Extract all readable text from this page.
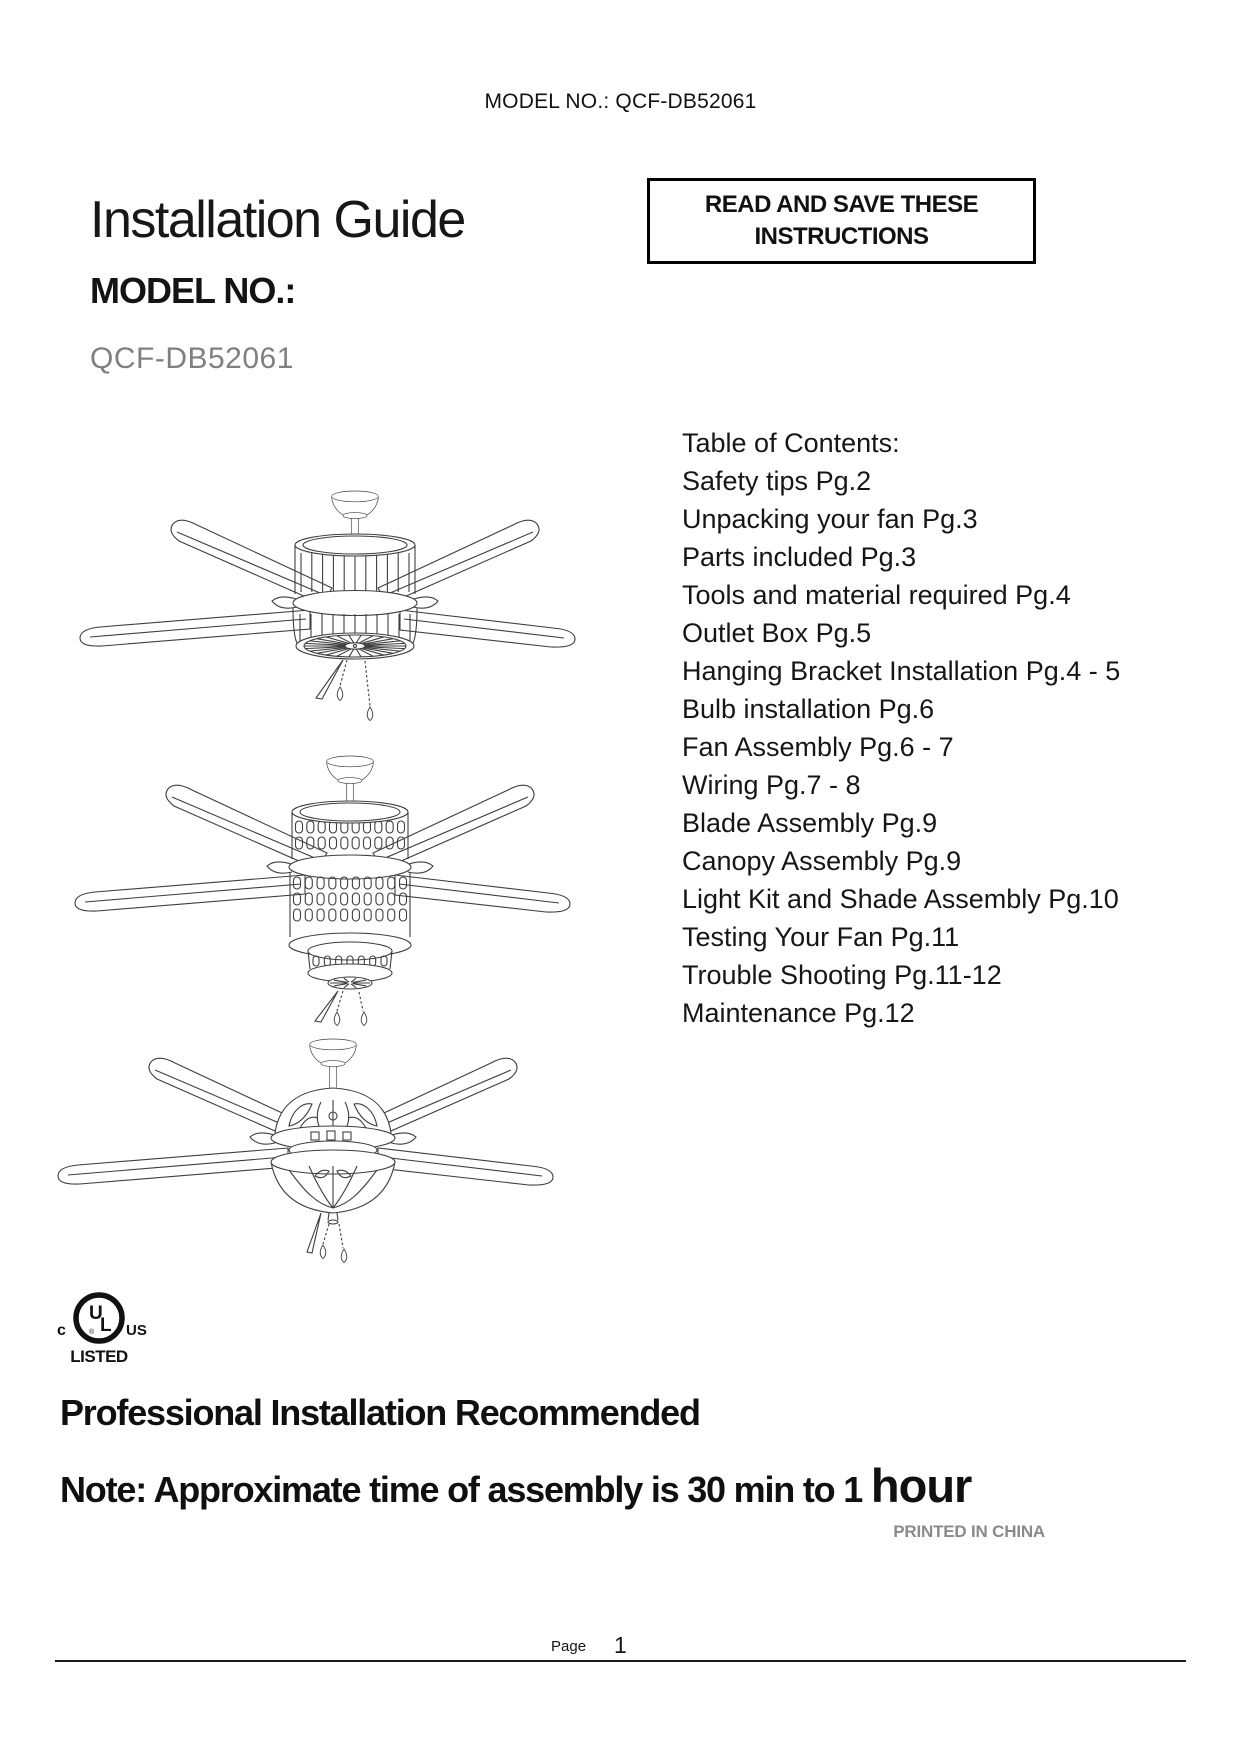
MODEL NO.: QCF-DB52061
Installation Guide	READ AND SAVE THESE
INSTRUCTIONS
MODEL NO.:
QCF-DB52061
Table of Contents:
Safety tips Pg.2
Unpacking your fan Pg.3
Parts included Pg.3
Tools and material required Pg.4
Outlet Box Pg.5
Hanging Bracket Installation Pg.4 - 5
Bulb installation Pg.6
Fan Assembly Pg.6 - 7
Wiring Pg.7 - 8
Blade Assembly Pg.9
Canopy Assembly Pg.9
Light Kit and Shade Assembly Pg.10
Testing Your Fan Pg.11
Trouble Shooting Pg.11-12
Maintenance Pg.12
U
L
®
c	US
LISTED
Professional Installation Recommended
Note: Approximate time of assembly is 30 min to 1 hour
PRINTED IN CHINA
Page 1
